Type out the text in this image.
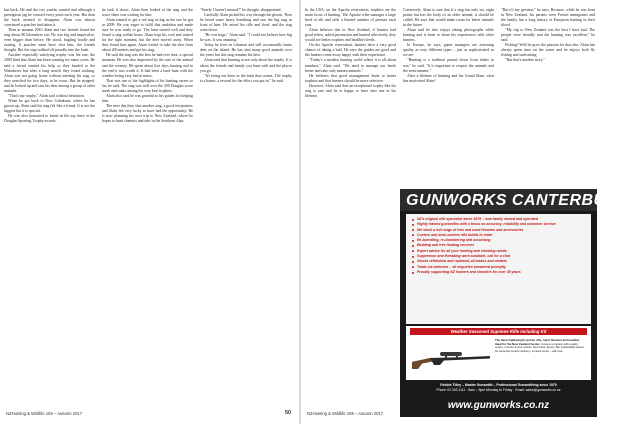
but back. He and the two youths wanted and although a prestigious jag he crossed every point each year. But then the buck seemed to disappear. Alain was almost convinced a poacher had taken it.

Then in autumn 2010 Alain and two friends found the stag about 80 kilometres out. He was big and impressive, even bigger than before. He stood, bugling loudly and roaring. A poacher must have shot him, the friends thought. But the stag walked off proudly into the bush.

Another especially satisfying trophy was his one, the 2009 hind that Alain has been wanting for many years. He said a friend wanted his help so they headed to the Waitakeres but after a long search they found nothing. Alain was not going home without meeting his stag, so they searched for two days, to be exact. But he stopped, and he looked up and saw his deer among a group of other animals.

"That's my trophy," Alain said without hesitation.

When he got back to New Caledonia, where he has grown up, Alain said his stag felt like a friend. It is not the biggest but it is special.

He was also honoured to finish in the top three at the Douglas Sporting Trophy awards.

he took it down. Alain then looked at the stag and the score sheet was waiting for him.

Alain wanted to get a red stag as big as the one he got in 2009. He was eager to fulfil that ambition and made sure he was ready to go. The hunt started well and they found a stag within hours. Alain kept his cool and waited for the right moment, but the deer moved away. When they found him again, Alain waited to take the shot from about 200 metres and got his stag.

He said the stag was the best he had ever shot, a special moment. He was also impressed by the size of the animal and the scenery. He spent about five days hunting and in the end it was worth it. It had been a hard hunt with the weather being very bad at times.

That was one of the highlights of his hunting career so far, he said. The stag was well over the 300 Douglas score mark and ranks among his very best trophies.

Alain also said he was grateful to his guides for helping him.

The next day they shot another stag, a good ten-pointer, and Alain felt very lucky to have had the opportunity. He is now planning his next trip to New Zealand, where he hopes to hunt chamois and tahr in the Southern Alps.

"Surely I haven't missed?" he thought, disappointed.

Carefully Alain picked his way through the gloom. Then he heard some heavy breathing and saw the big stag in front of him. He raised his rifle and fired, and the stag went down.

"He was huge," Alain said. "I could not believe how big he was. It was amazing."

Today he lives in Lebanon and still occasionally hunts deer on the island. He has shot many good animals over the years but this stag remains his best.

Alain said that hunting is not only about the trophy. It is about the friends and family you hunt with and the places you go.

"It's being out there in the bush that counts. The trophy is a bonus, a reward for the effort you put in," he said.

NZHunting & Wildlife 169 – Autumn 2017	50

In the USA, on the Apache reservation, trophies are the main focus of hunting. The Apache tribe manages a large herd of elk and sells a limited number of permits each year.

Alain believes that in New Zealand, if hunters had good ethics, asked permission and hunted selectively, they would see better trophies and healthier herds.

On the Apache reservation, hunters have a very good chance of taking a bull. He says the guides are good and the hunters come away happy with their experience.

"Today's a modern hunting world where it is all about numbers," Alain said. "We need to manage our herds better and take only mature animals."

He believes that good management leads to better trophies and that hunters should be more selective.

However, Alain said that an exceptional trophy like his stag is rare and he is happy to have shot one in his lifetime.

Conversely, Alain is sure that if a stag has only six, eight points but has the body of an older animal, it should be culled. He says that would make room for better animals in the future.

Alain said he also enjoys taking photographs while hunting and is keen to share his experiences with other hunters.

In Europe, he says, game managers are assessing quality as very different types – just as sophisticated as we are.

"Hunting is a tradition passed down from father to son," he said. "It is important to respect the animals and the environment."

After a lifetime of hunting and the Grand Slam, what has motivated Alain?

"But it's my greatest," he says. Because, while he was born in New Zealand, his parents were French immigrants and the family has a long history of European hunting in their blood.

"My trip to New Zealand was the best I have had. The people were friendly and the hunting was excellent," he said.

Fishing? Well he grew the passion for that also. Alain has always spent time on the water and he enjoys both fly fishing and surfcasting.

"But that's another story."

NZHunting & Wildlife 169 – Autumn 2017
GUNWORKS CANTERBURY
NZ's original rifle specialist since 1979 – now family owned and operated
Highly trained gunsmiths with a focus on accuracy, reliability and customer service
We stock a full range of new and used firearms and accessories
Custom and semi-custom rifle builds to order
Re-barrelling, re-chambering and accurising
Bedding and free floating services
Expert advice for all your hunting and shooting needs
Suppressor and threading work available, call for a chat
Stocks refinished and replaced, all makes and models
Trade-ins welcome – all enquiries answered promptly
Proudly supporting NZ hunters and shooters for over 35 years
Weather Seasoned Supreme Rifle Including Kit
The latest lightweight sporter rifle, hand finished and bedded, ideal for the New Zealand hunter. Comes complete with quality scope, mounts and a custom hard case. Every rifle individually tested for accuracy before delivery. Limited stock – call now.
Rebble Tilley – Master Gunsmith – Professional Gunsmithing since 1979
Phone 03 343 1111 · 8am – 5pm Monday to Friday · Email: sales@gunworks.co.nz
www.gunworks.co.nz
